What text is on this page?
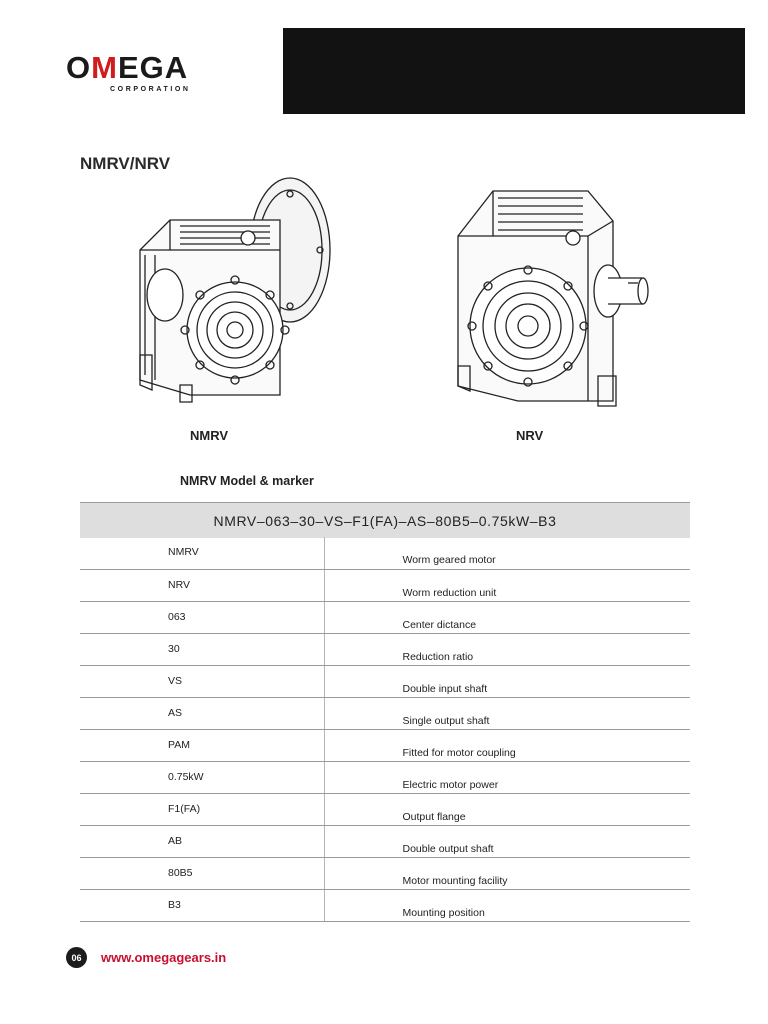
O M EGA
CORPORATION
NMRV/NRV
NMRV	NRV
NMRV Model & marker
NMRV–063–30–VS–F1(FA)–AS–80B5–0.75kW–B3
NMRV	Worm geared motor
NRV	Worm reduction unit
063	Center dictance
30	Reduction ratio
VS	Double input shaft
AS	Single output shaft
PAM	Fitted for motor coupling
0.75kW	Electric motor power
F1(FA)	Output flange
AB	Double output shaft
80B5	Motor mounting facility
B3	Mounting position
06	www.omegagears.in
